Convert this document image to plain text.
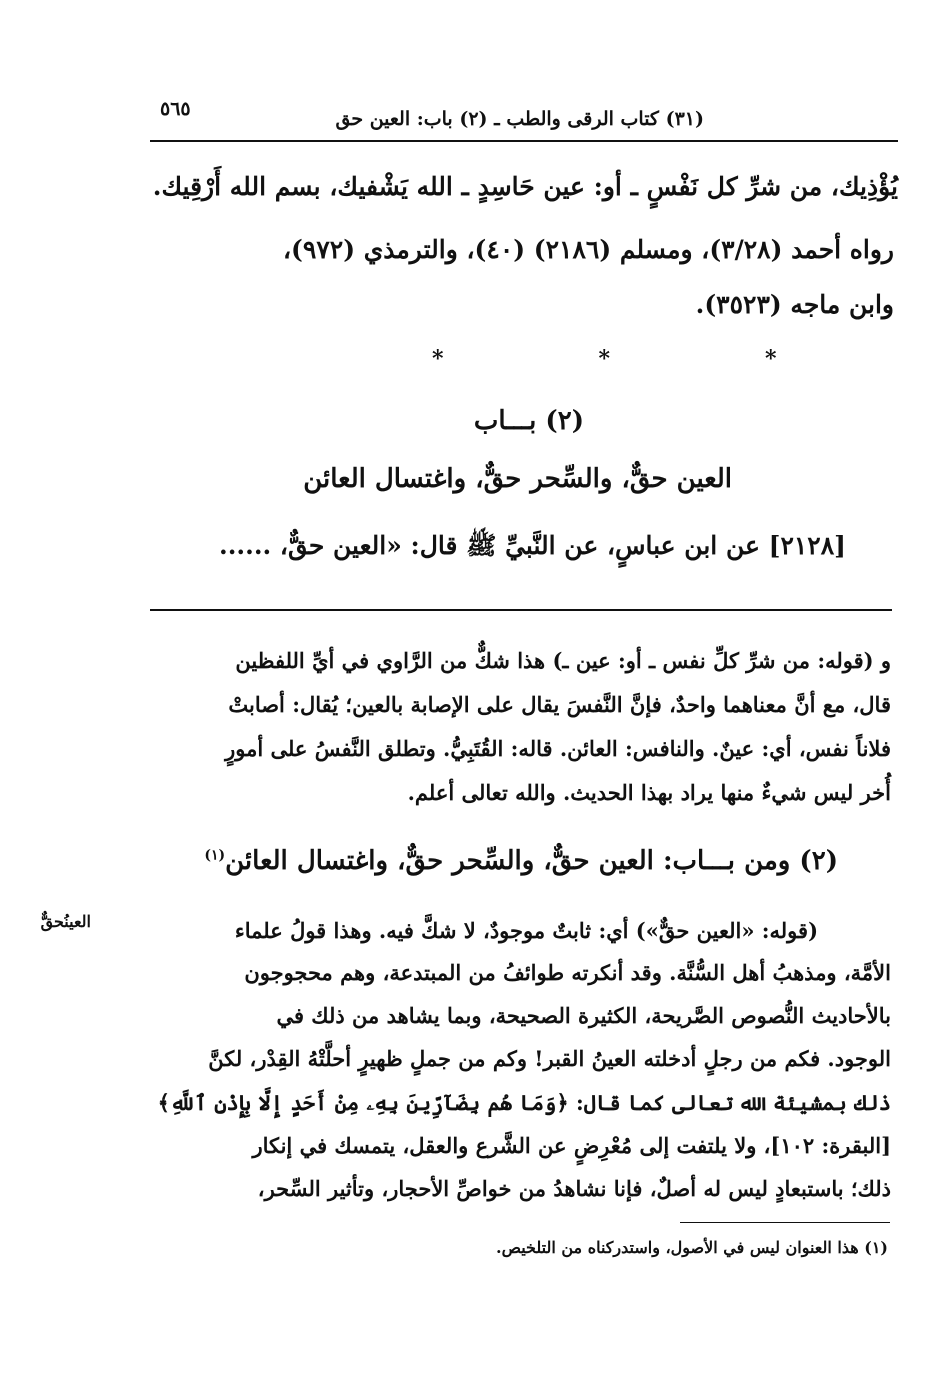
٥٦٥	(٣١) كتاب الرقى والطب ـ (٢) باب: العين حق
يُؤْذِيك، من شرِّ كل نَفْسٍ ـ أو: عين حَاسِدٍ ـ الله يَشْفيك، بسم الله أَرْقِيك.
رواه أحمد (٣/٢٨)، ومسلم (٢١٨٦) (٤٠)، والترمذي (٩٧٢)،
وابن ماجه (٣٥٢٣).
*   *   *
(٢) بـــاب
العين حقٌّ، والسِّحر حقٌّ، واغتسال العائن
[٢١٢٨] عن ابن عباسٍ، عن النَّبيِّ ﷺ قال: «العين حقٌّ، ......
و (قوله: من شرِّ كلِّ نفس ـ أو: عين ـ) هذا شكٌّ من الرَّاوي في أيِّ اللفظين
قال، مع أنَّ معناهما واحدٌ، فإنَّ النَّفسَ يقال على الإصابة بالعين؛ يُقال: أصابتْ
فلاناً نفس، أي: عينٌ. والنافس: العائن. قاله: القُتَبِيُّ. وتطلق النَّفسُ على أمورٍ
أُخر ليس شيءٌ منها يراد بهذا الحديث. والله تعالى أعلم.
(٢) ومن بـــاب: العين حقٌّ، والسِّحر حقٌّ، واغتسال العائن$^{(١)}$
العينُحقٌّ	(قوله: «العين حقٌّ») أي: ثابتٌ موجودٌ، لا شكَّ فيه. وهذا قولُ علماء
الأمَّة، ومذهبُ أهل السُّنَّة. وقد أنكرته طوائفُ من المبتدعة، وهم محجوجون
بالأحاديث النُّصوص الصَّريحة، الكثيرة الصحيحة، وبما يشاهد من ذلك في
الوجود. فكم من رجلٍ أدخلته العينُ القبر! وكم من جملٍ ظهيرٍ أحلَّتْهُ القِدْر، لكنَّ
ذلك بمشيئة الله تعالى كما قال: ﴿وَمَا هُم بِضَآرِّينَ بِهِۦ مِنْ أَحَدٍ إِلَّا بِإِذْنِ ٱللَّهِ﴾
[البقرة: ١٠٢]، ولا يلتفت إلى مُعْرِضٍ عن الشَّرع والعقل، يتمسك في إنكار
ذلك؛ باستبعادٍ ليس له أصلٌ، فإنا نشاهدُ من خواصِّ الأحجار، وتأثير السِّحر،
(١) هذا العنوان ليس في الأصول، واستدركناه من التلخيص.
